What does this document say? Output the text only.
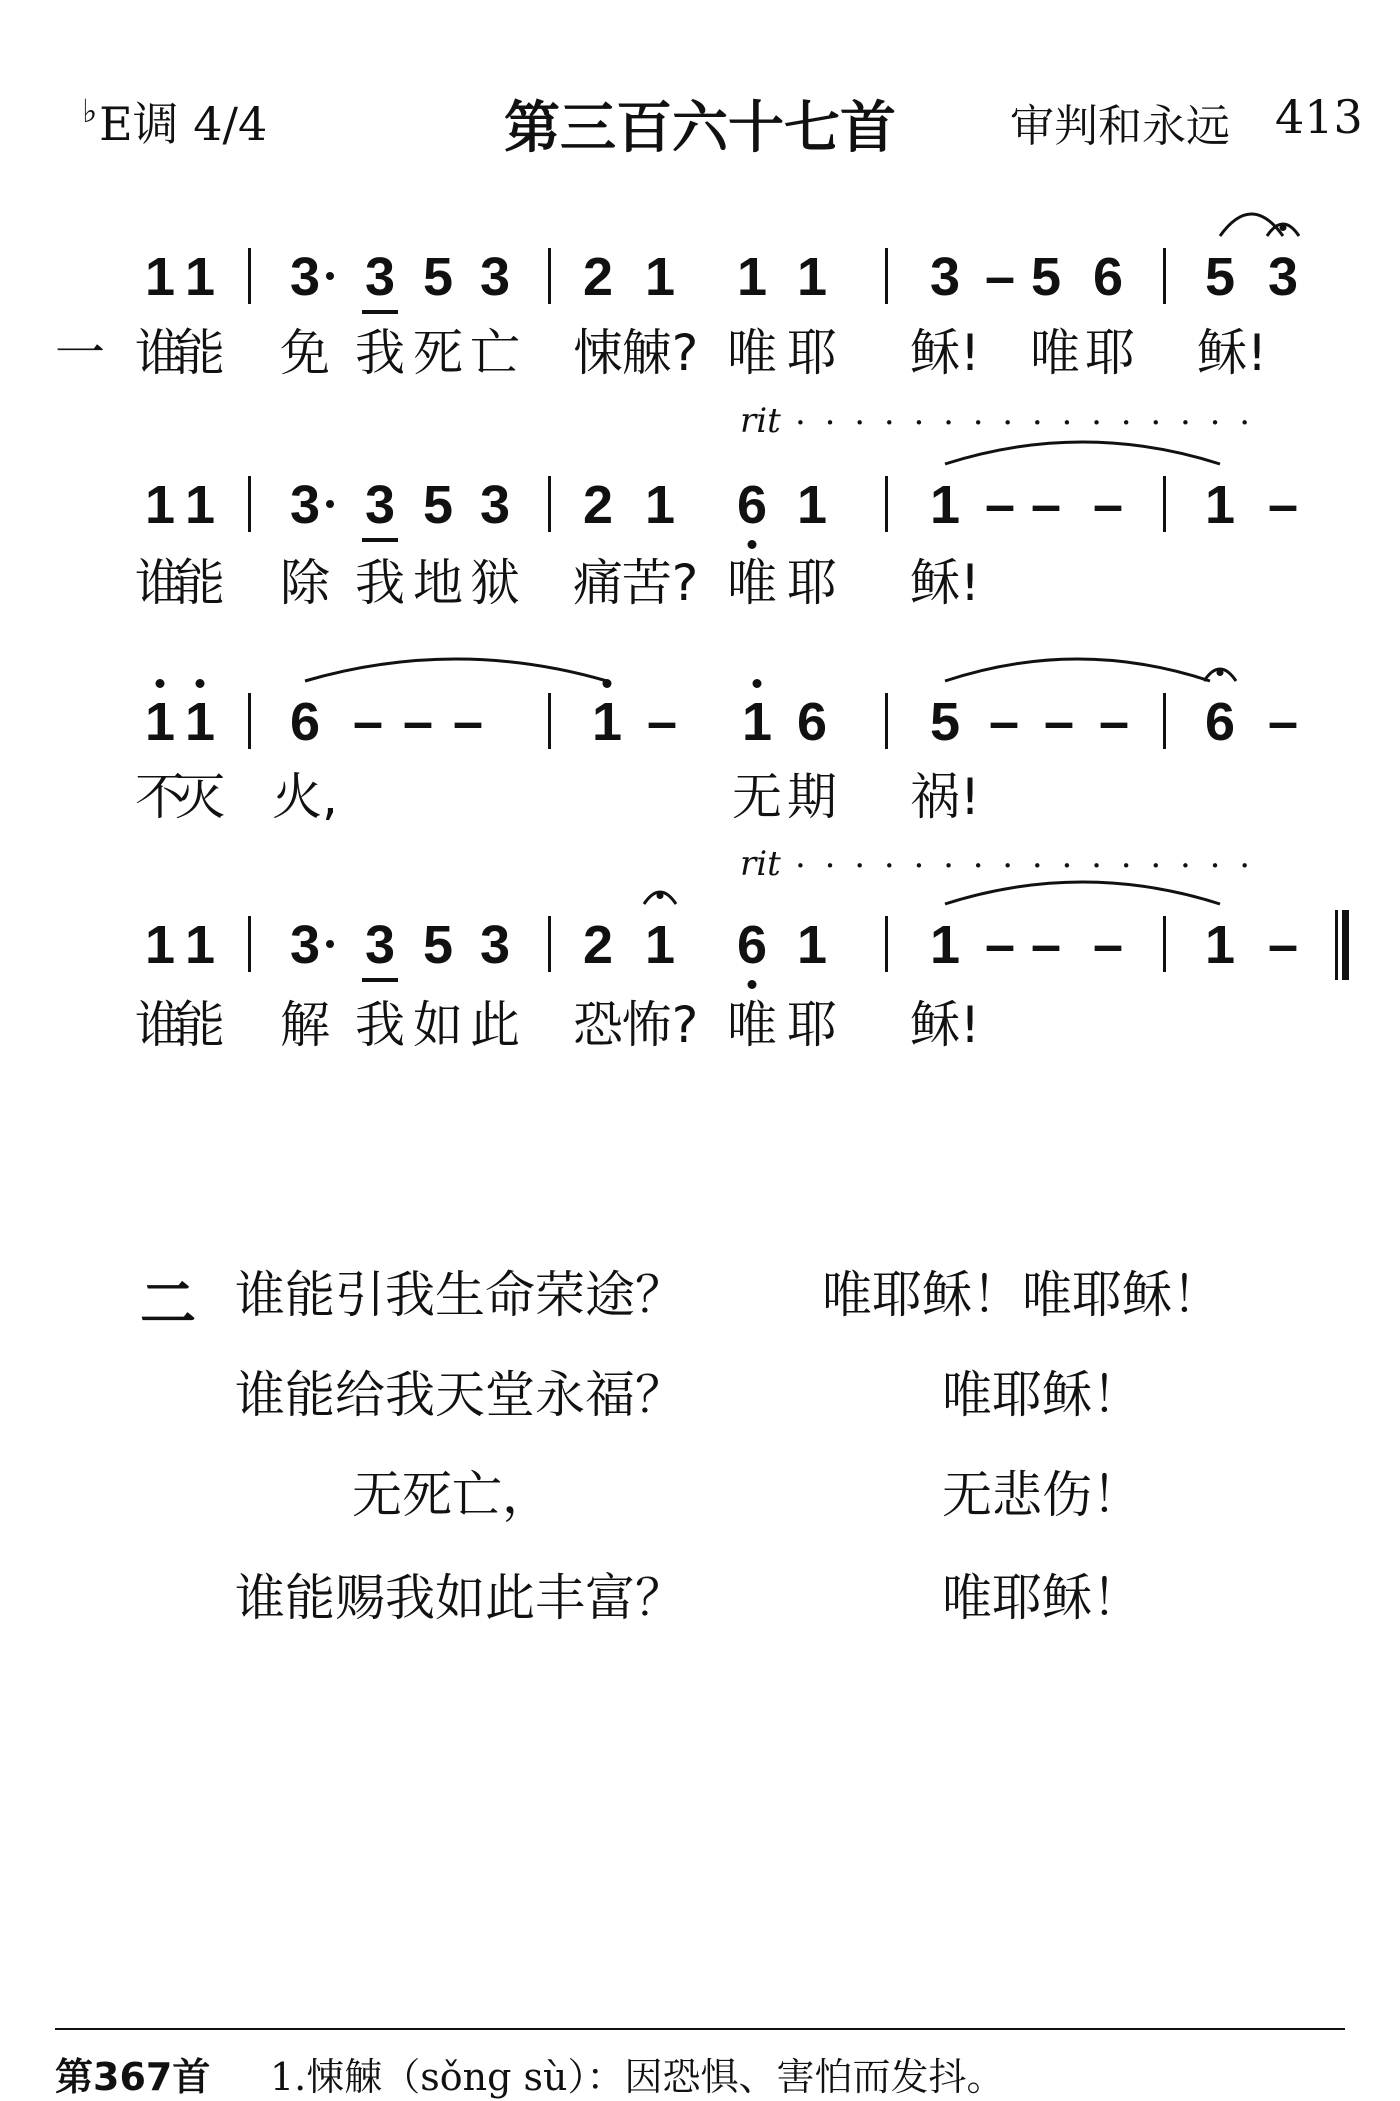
♭E调 4/4	第三百六十七首	审判和永远 413
1 1 3 3 5 3 2 1 1 1 3 – 5 6 5 3
谁
能 免 我 死 亡 悚
觫? 唯 耶 稣! 唯 耶 稣!
1 1 3 3 5 3 2 1 6 1 1 – – – 1 –
谁
能 除 我 地 狱 痛
苦? 唯 耶 稣!
1 1 6 – – – 1 – 1 6 5 – – – 6 –
不
灭 火,	无 期 祸!
1 1 3 3 5 3 2 1 6 1 1 – – – 1 –
谁
能 解 我 如 此 恐
怖? 唯 耶 稣!
一
rit . . . . . . . . . . . . . . . .
rit . . . . . . . . . . . . . . . .
二 谁能引我生命荣途？	唯耶稣！唯耶稣！
谁能给我天堂永福？	唯耶稣！
无死亡，	无悲伤！
谁能赐我如此丰富？	唯耶稣！
第367首 1.悚觫（sǒng sù）：因恐惧、害怕而发抖。
